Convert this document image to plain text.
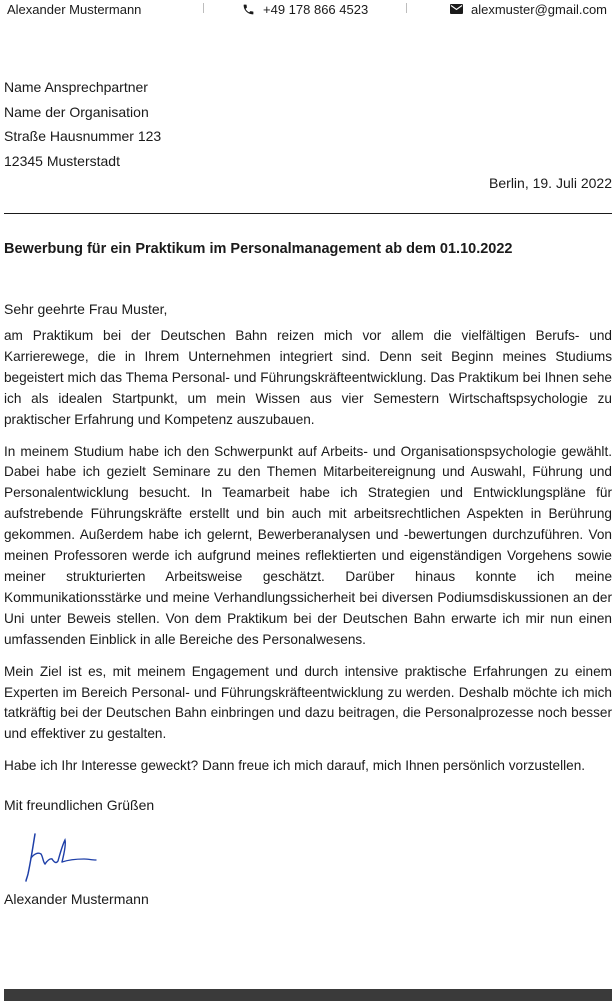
Alexander Mustermann	+49 178 866 4523	alexmuster@gmail.com
Name Ansprechpartner
Name der Organisation
Straße Hausnummer 123
12345 Musterstadt
Berlin, 19. Juli 2022
Bewerbung für ein Praktikum im Personalmanagement ab dem 01.10.2022
Sehr geehrte Frau Muster,

am Praktikum bei der Deutschen Bahn reizen mich vor allem die vielfältigen Berufs- und Karrierewege, die in Ihrem Unternehmen integriert sind. Denn seit Beginn meines Studiums begeistert mich das Thema Personal- und Führungskräfteentwicklung. Das Praktikum bei Ihnen sehe ich als idealen Startpunkt, um mein Wissen aus vier Semestern Wirtschaftspsychologie zu praktischer Erfahrung und Kompetenz auszubauen.

In meinem Studium habe ich den Schwerpunkt auf Arbeits- und Organisationspsychologie gewählt. Dabei habe ich gezielt Seminare zu den Themen Mitarbeitereignung und Auswahl, Führung und Personalentwicklung besucht. In Teamarbeit habe ich Strategien und Entwicklungspläne für aufstrebende Führungskräfte erstellt und bin auch mit arbeitsrechtlichen Aspekten in Berührung gekommen. Außerdem habe ich gelernt, Bewerberanalysen und -bewertungen durchzuführen. Von meinen Professoren werde ich aufgrund meines reflektierten und eigenständigen Vorgehens sowie meiner strukturierten Arbeitsweise geschätzt. Darüber hinaus konnte ich meine Kommunikationsstärke und meine Verhandlungssicherheit bei diversen Podiumsdiskussionen an der Uni unter Beweis stellen. Von dem Praktikum bei der Deutschen Bahn erwarte ich mir nun einen umfassenden Einblick in alle Bereiche des Personalwesens.

Mein Ziel ist es, mit meinem Engagement und durch intensive praktische Erfahrungen zu einem Experten im Bereich Personal- und Führungskräfteentwicklung zu werden. Deshalb möchte ich mich tatkräftig bei der Deutschen Bahn einbringen und dazu beitragen, die Personalprozesse noch besser und effektiver zu gestalten.

Habe ich Ihr Interesse geweckt? Dann freue ich mich darauf, mich Ihnen persönlich vorzustellen.

Mit freundlichen Grüßen
Alexander Mustermann
